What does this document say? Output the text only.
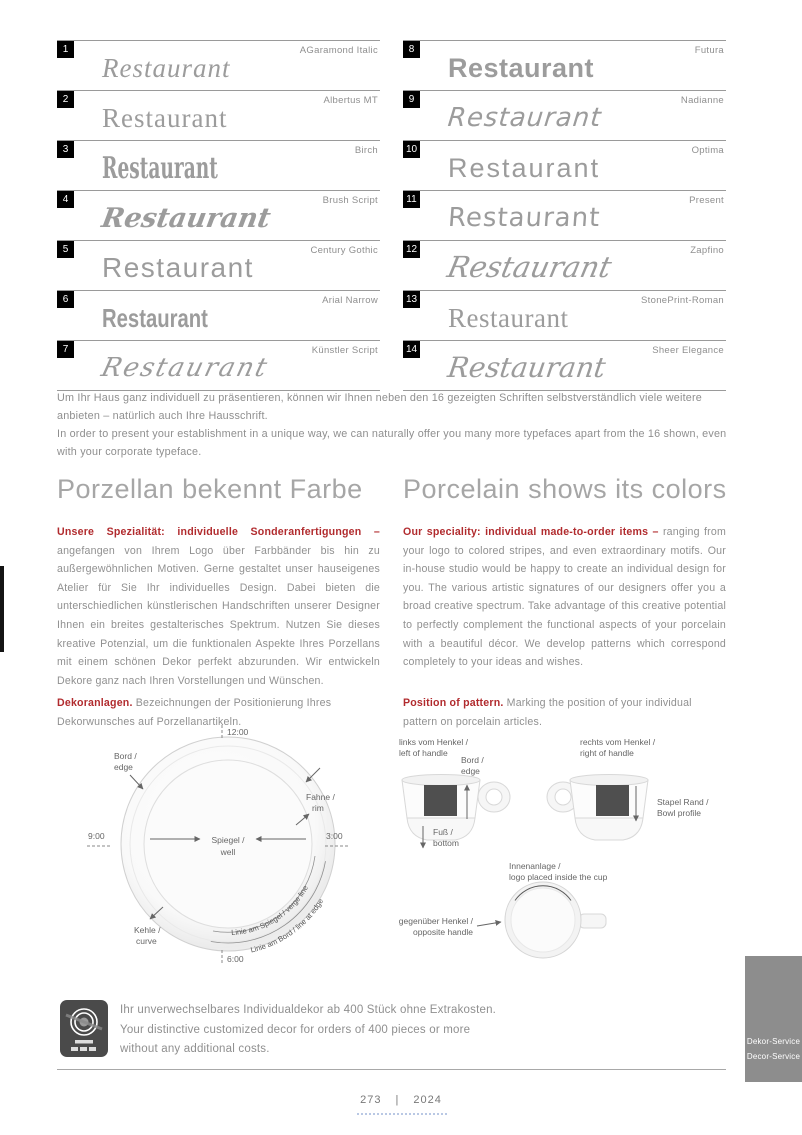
1	AGaramond Italic
Restaurant
2	Albertus MT
Restaurant
3	Birch
Restaurant
4	Brush Script
Restaurant
5	Century Gothic
Restaurant
6	Arial Narrow
Restaurant
7	Künstler Script
Restaurant
8	Futura
Restaurant
9	Nadianne
Restaurant
10	Optima
Restaurant
11	Present
Restaurant
12	Zapfino
Restaurant
13	StonePrint-Roman
Restaurant
14	Sheer Elegance
Restaurant
Um Ihr Haus ganz individuell zu präsentieren, können wir Ihnen neben den 16 gezeigten Schriften selbstverständlich viele weitere anbieten – natürlich auch Ihre Hausschrift.
In order to present your establishment in a unique way, we can naturally offer you many more typefaces apart from the 16 shown, even with your corporate typeface.
Porzellan bekennt Farbe Porcelain shows its colors
Unsere Spezialität: individuelle Sonderanfertigungen – angefangen von Ihrem Logo über Farbbänder bis hin zu außergewöhnlichen Motiven. Gerne gestaltet unser hauseigenes Atelier für Sie Ihr individuelles Design. Dabei bieten die unterschiedlichen künstlerischen Handschriften unserer Designer Ihnen ein breites gestalterisches Spektrum. Nutzen Sie dieses kreative Potenzial, um die funktionalen Aspekte Ihres Porzellans mit einem schönen Dekor perfekt abzurunden. Wir entwickeln Dekore ganz nach Ihren Vorstellungen und Wünschen.
Our speciality: individual made-to-order items – ranging from your logo to colored stripes, and even extraordinary motifs. Our in-house studio would be happy to create an individual design for you. The various artistic signatures of our designers offer you a broad creative spectrum. Take advantage of this creative potential to perfectly complement the functional aspects of your porcelain with a beautiful décor. We develop patterns which correspond completely to your ideas and wishes.
Dekoranlagen. Bezeichnungen der Positionierung Ihres Dekorwunsches auf Porzellanartikeln.
Position of pattern. Marking the position of your individual pattern on porcelain articles.
12:00
6:00
9:00	3:00
Bord /
edge
Fahne /
rim
Spiegel /
well
Kehle /
curve
Linie am Spiegel / verge line
Linie am Bord / line at edge
links vom Henkel /
left of handle
Bord /
edge
Fuß /
bottom
rechts vom Henkel /
right of handle
Stapel Rand /
Bowl profile
Innenanlage /
logo placed inside the cup
gegenüber Henkel /
opposite handle
Ihr unverwechselbares Individualdekor ab 400 Stück ohne Extrakosten.
Your distinctive customized decor for orders of 400 pieces or more
without any additional costs.
Dekor-Service
Decor-Service
273 | 2024
